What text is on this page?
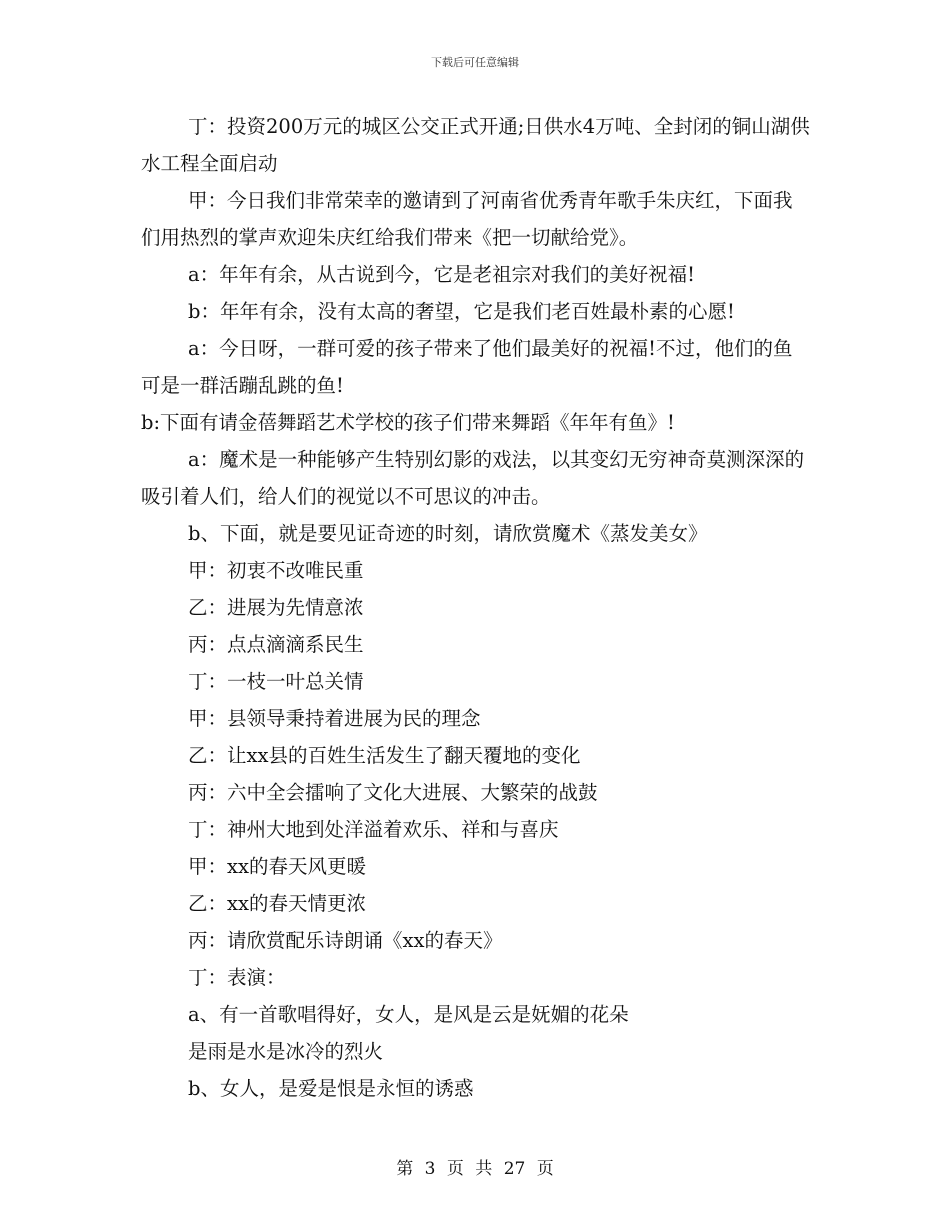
下载后可任意编辑

丁：投资200万元的城区公交正式开通;日供水4万吨、全封闭的铜山湖供水工程全面启动

甲：今日我们非常荣幸的邀请到了河南省优秀青年歌手朱庆红，下面我们用热烈的掌声欢迎朱庆红给我们带来《把一切献给党》。

a：年年有余，从古说到今，它是老祖宗对我们的美好祝福!

b：年年有余，没有太高的奢望，它是我们老百姓最朴素的心愿!

a：今日呀，一群可爱的孩子带来了他们最美好的祝福!不过，他们的鱼可是一群活蹦乱跳的鱼!

b:下面有请金蓓舞蹈艺术学校的孩子们带来舞蹈《年年有鱼》!

a：魔术是一种能够产生特别幻影的戏法，以其变幻无穷神奇莫测深深的吸引着人们，给人们的视觉以不可思议的冲击。

b、下面，就是要见证奇迹的时刻，请欣赏魔术《蒸发美女》

甲：初衷不改唯民重

乙：进展为先情意浓

丙：点点滴滴系民生

丁：一枝一叶总关情

甲：县领导秉持着进展为民的理念

乙：让xx县的百姓生活发生了翻天覆地的变化

丙：六中全会擂响了文化大进展、大繁荣的战鼓

丁：神州大地到处洋溢着欢乐、祥和与喜庆

甲：xx的春天风更暖

乙：xx的春天情更浓

丙：请欣赏配乐诗朗诵《xx的春天》

丁：表演：

a、有一首歌唱得好，女人，是风是云是妩媚的花朵

是雨是水是冰冷的烈火

b、女人，是爱是恨是永恒的诱惑

第 3 页 共 27 页
